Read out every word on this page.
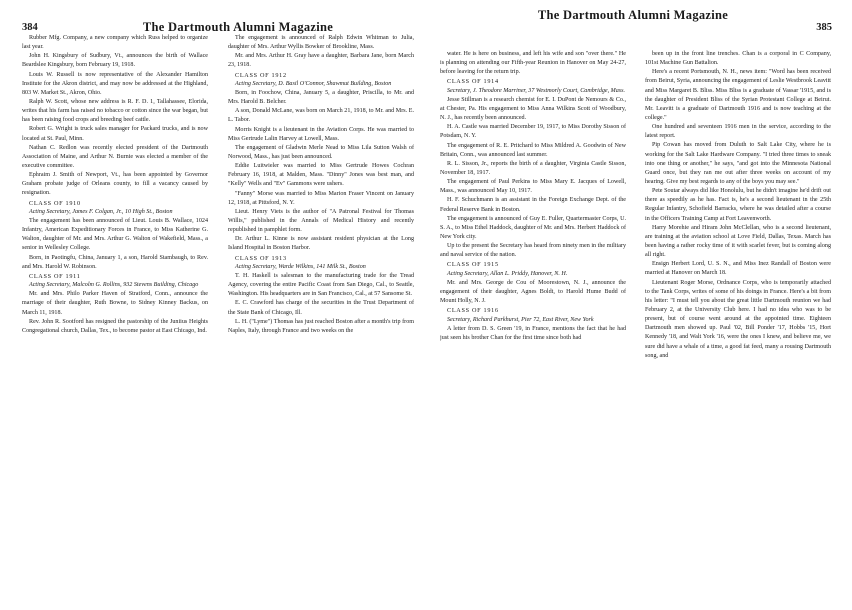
384	The Dartmouth Alumni Magazine
The Dartmouth Alumni Magazine
385

Rubber Mfg. Company, a new company which Russ helped to organize last year.

John H. Kingsbury of Sudbury, Vt., announces the birth of Wallace Beardslee Kingsbury, born February 19, 1918.

Louis W. Russell is now representative of the Alexander Hamilton Institute for the Akron district, and may now be addressed at the Highland, 803 W. Market St., Akron, Ohio.

Ralph W. Scott, whose new address is R. F. D. 1, Tallahassee, Elorida, writes that his farm has raised no tobacco or cotton since the war began, but has been raising food crops and breeding beef cattle.

Robert G. Wright is truck sales manager for Packard trucks, and is now located at St. Paul, Minn.

Nathan C. Redlon was recently elected president of the Dartmouth Association of Maine, and Arthur N. Burnie was elected a member of the executive committee.

Ephraim J. Smith of Newport, Vt., has been appointed by Governor Graham probate judge of Orleans county, to fill a vacancy caused by resignation.

CLASS OF 1910

Acting Secretary, James F. Colgan, Jr., 10 High St., Boston

The engagement has been announced of Lieut. Louis B. Wallace, 1024 Infantry, American Expeditionary Forces in France, to Miss Katherine G. Walton, daughter of Mr. and Mrs. Arthur G. Walton of Wakefield, Mass., a senior in Wellesley College.

Born, in Paotingfu, China, January 1, a son, Harold Stambaugh, to Rev. and Mrs. Harold W. Robinson.

CLASS OF 1911

Acting Secretary, Malcolm G. Rollins, 932 Stevens Building, Chicago

Mr. and Mrs. Philo Parker Haven of Stratford, Conn., announce the marriage of their daughter, Ruth Bowne, to Sidney Kinney Backus, on March 11, 1918.

Rev. John R. Sootford has resigned the pastorship of the Juniius Heights Congregational church, Dallas, Tex., to become pastor at East Chicago, Ind.

The engagement is announced of Ralph Edwin Whitman to Julia, daughter of Mrs. Arthur Wyllis Bowker of Brookline, Mass.

Mr. and Mrs. Arthur H. Gray have a daughter, Barbara Jane, born March 23, 1918.

CLASS OF 1912

Acting Secretary, D. Basil O'Connor, Shawmut Building, Boston

Born, in Foochow, China, January 5, a daughter, Priscilla, to Mr. and Mrs. Harold B. Belcher.

A son, Donald McLane, was born on March 21, 1918, to Mr. and Mrs. E. L. Tabor.

Morris Knight is a lieutenant in the Aviation Corps. He was married to Miss Gertrude Lalin Harvey at Lowell, Mass.

The engagement of Gladwin Merle Nead to Miss Lila Sutton Walsh of Norwood, Mass., has just been announced.

Eddie Luitwieler was married to Miss Gertrude Howes Cochran February 16, 1918, at Malden, Mass. "Dinny" Jones was best man, and "Kelly" Wells and "Ev" Gammons were ushers.

"Fanny" Morse was married to Miss Marion Fraser Vincent on January 12, 1918, at Pittsford, N. Y.

Lieut. Henry Viets is the author of "A Patronal Festival for Thomas Willis," published in the Annals of Medical History and recently republished in pamphlet form.

Dr. Arthur L. Kinne is now assistant resident physician at the Long Island Hospital in Boston Harbor.

CLASS OF 1913

Acting Secretary, Warde Wilkins, 141 Milk St., Boston

T. H. Haskell is salesman to the manufacturing trade for the Tread Agency, covering the entire Pacific Coast from San Diego, Cal., to Seattle, Washington. His headquarters are in San Francisco, Cal., at 57 Sansome St.

E. C. Crawford has charge of the securities in the Trust Department of the State Bank of Chicago, Ill.

L. H. ("Lyme") Thomas has just reached Boston after a month's trip from Naples, Italy, through France and two weeks on the

water. He is here on business, and left his wife and son "over there." He is planning on attending our Fifth-year Reunion in Hanover on May 24-27, before leaving for the return trip.

CLASS OF 1914

Secretary, J. Theodore Marriner, 37 Westmorly Court, Cambridge, Mass.

Jesse Stillman is a research chemist for E. I. DuPont de Nemours & Co., at Chester, Pa. His engagement to Miss Anna Wilkins Scott of Woodbury, N. J., has recently been announced.

H. A. Castle was married December 19, 1917, to Miss Dorothy Sisson of Potsdam, N. Y.

The engagement of R. E. Pritchard to Miss Mildred A. Goodwin of New Britain, Conn., was announced last summer.

R. L. Sisson, Jr., reports the birth of a daughter, Virginia Castle Sisson, November 18, 1917.

The engagement of Paul Perkins to Miss Mary E. Jacques of Lowell, Mass., was announced May 10, 1917.

H. F. Schuchmann is an assistant in the Foreign Exchange Dept. of the Federal Reserve Bank in Boston.

The engagement is announced of Guy E. Fuller, Quartermaster Corps, U. S. A., to Miss Ethel Haddock, daughter of Mr. and Mrs. Herbert Haddock of New York city.

Up to the present the Secretary has heard from ninety men in the military and naval service of the nation.

CLASS OF 1915

Acting Secretary, Allan L. Priddy, Hanover, N. H.

Mr. and Mrs. George de Cou of Moorestown, N. J., announce the engagement of their daughter, Agnes Boldt, to Harold Hume Budd of Mount Holly, N. J.

CLASS OF 1916

Secretary, Richard Parkhurst, Pier 72, East River, New York

A letter from D. S. Green '19, in France, mentions the fact that he had just seen his brother Chan for the first time since both had

been up in the front line trenches. Chan is a corporal in C Company, 101st Machine Gun Battalion.

Here's a recent Portsmouth, N. H., news item: "Word has been received from Beirut, Syria, announcing the engagement of Leslie Westbrook Leavitt and Miss Margaret B. Bliss. Miss Bliss is a graduate of Vassar '1915, and is the daughter of President Bliss of the Syrian Protestant College at Beirut. Mr. Leavitt is a graduate of Dartmouth 1916 and is now teaching at the college."

One hundred and seventeen 1916 men in the service, according to the latest report.

Pip Cowan has moved from Duluth to Salt Lake City, where he is working for the Salt Lake Hardware Company. "I tried three times to sneak into one thing or another," he says, "and got into the Minnesota National Guard once, but they ran me out after three weeks on account of my hearing. Give my best regards to any of the boys you may see."

Pete Soutar always did like Honolulu, but he didn't imagine he'd drift out there as speedily as he has. Fact is, he's a second lieutenant in the 25th Regular Infantry, Schofield Barracks, where he was detailed after a course in the Officers Training Camp at Fort Leavenworth.

Harry Morehie and Hiram John McClellan, who is a second lieutenant, are training at the aviation school at Love Field, Dallas, Texas. March has been having a rather rocky time of it with scarlet fever, but is coming along all right.

Ensign Herbert Lord, U. S. N., and Miss Inez Randall of Boston were married at Hanover on March 18.

Lieutenant Roger Morse, Ordnance Corps, who is temporarily attached to the Tank Corps, writes of some of his doings in France. Here's a bit from his letter: "I must tell you about the great little Dartmouth reunion we had February 2, at the University Club here. I had no idea who was to be present, but of course went around at the appointed time. Eighteen Dartmouth men showed up. Paul '02, Bill Ponder '17, Hobbs '15, Hort Kennedy '18, and Walt York '16, were the ones I knew, and believe me, we sure did have a whale of a time, a good fat feed, many a rousing Dartmouth song, and
